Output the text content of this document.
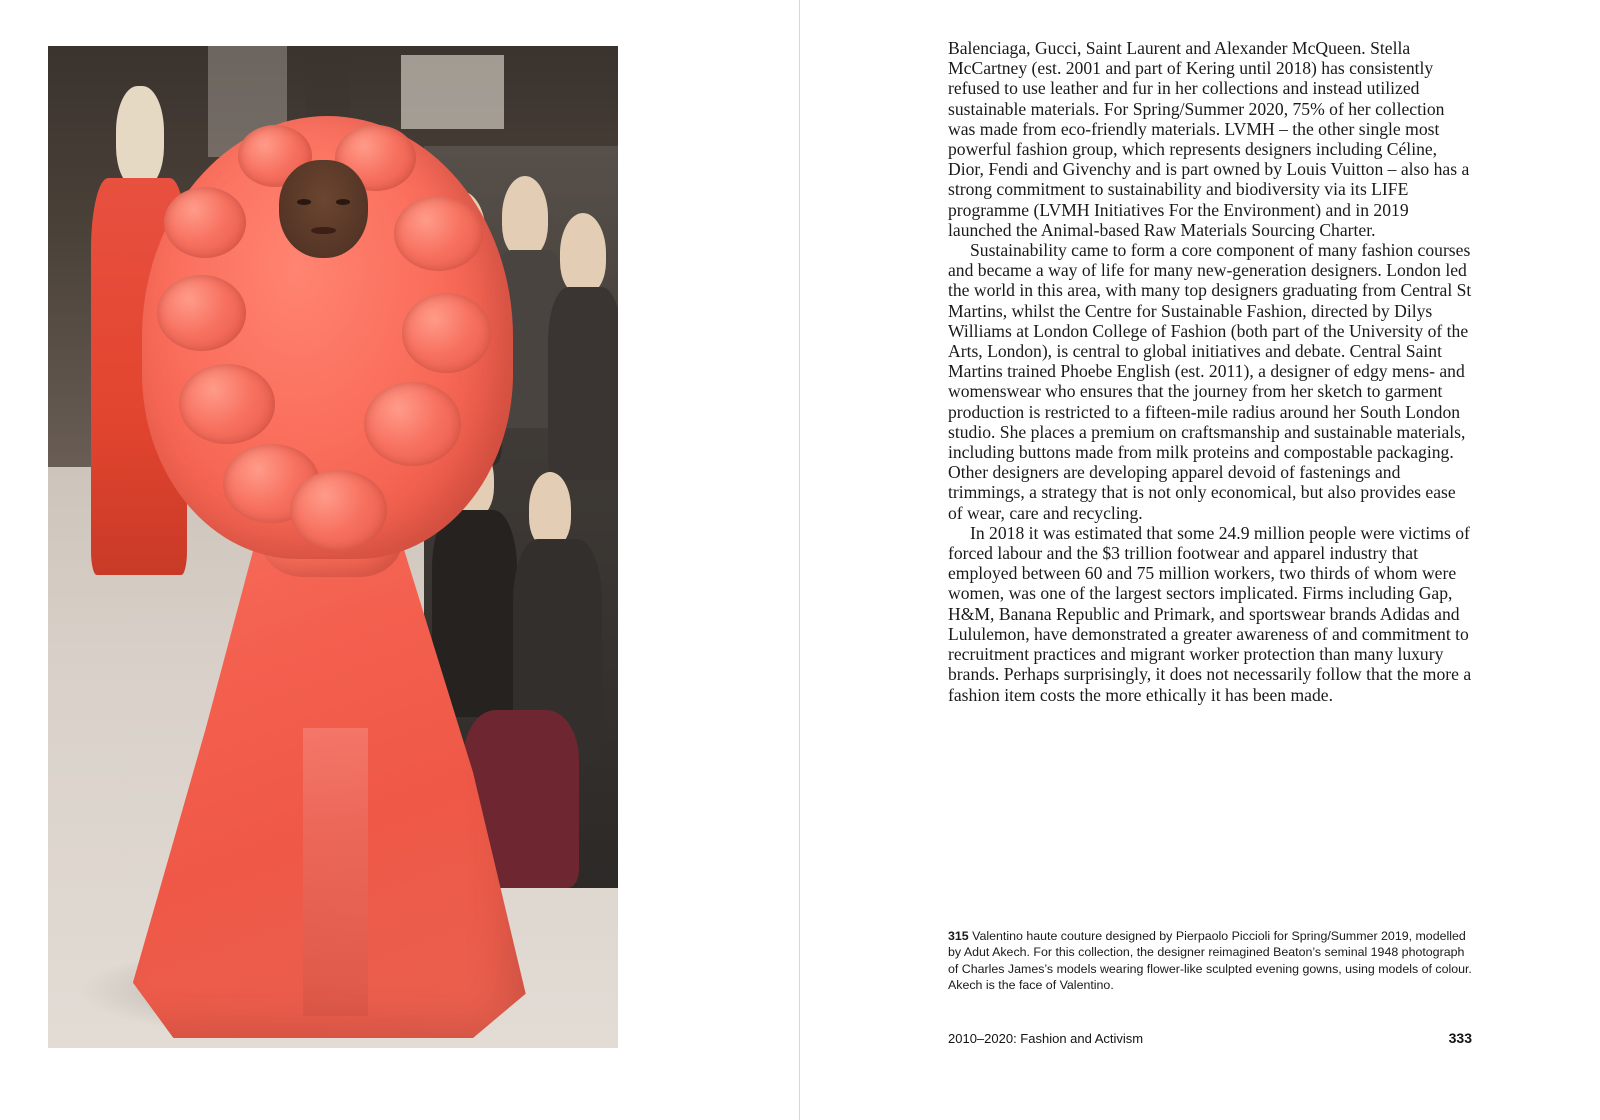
Balenciaga, Gucci, Saint Laurent and Alexander McQueen. Stella McCartney (est. 2001 and part of Kering until 2018) has consistently refused to use leather and fur in her collections and instead utilized sustainable materials. For Spring/Summer 2020, 75% of her collection was made from eco-friendly materials. LVMH – the other single most powerful fashion group, which represents designers including Céline, Dior, Fendi and Givenchy and is part owned by Louis Vuitton – also has a strong commitment to sustainability and biodiversity via its LIFE programme (LVMH Initiatives For the Environment) and in 2019 launched the Animal-based Raw Materials Sourcing Charter.

Sustainability came to form a core component of many fashion courses and became a way of life for many new-generation designers. London led the world in this area, with many top designers graduating from Central St Martins, whilst the Centre for Sustainable Fashion, directed by Dilys Williams at London College of Fashion (both part of the University of the Arts, London), is central to global initiatives and debate. Central Saint Martins trained Phoebe English (est. 2011), a designer of edgy mens- and womenswear who ensures that the journey from her sketch to garment production is restricted to a fifteen-mile radius around her South London studio. She places a premium on craftsmanship and sustainable materials, including buttons made from milk proteins and compostable packaging. Other designers are developing apparel devoid of fastenings and trimmings, a strategy that is not only economical, but also provides ease of wear, care and recycling.

In 2018 it was estimated that some 24.9 million people were victims of forced labour and the $3 trillion footwear and apparel industry that employed between 60 and 75 million workers, two thirds of whom were women, was one of the largest sectors implicated. Firms including Gap, H&M, Banana Republic and Primark, and sportswear brands Adidas and Lululemon, have demonstrated a greater awareness of and commitment to recruitment practices and migrant worker protection than many luxury brands. Perhaps surprisingly, it does not necessarily follow that the more a fashion item costs the more ethically it has been made.

315 Valentino haute couture designed by Pierpaolo Piccioli for Spring/Summer 2019, modelled by Adut Akech. For this collection, the designer reimagined Beaton’s seminal 1948 photograph of Charles James’s models wearing flower-like sculpted evening gowns, using models of colour. Akech is the face of Valentino.
2010–2020: Fashion and Activism	333
